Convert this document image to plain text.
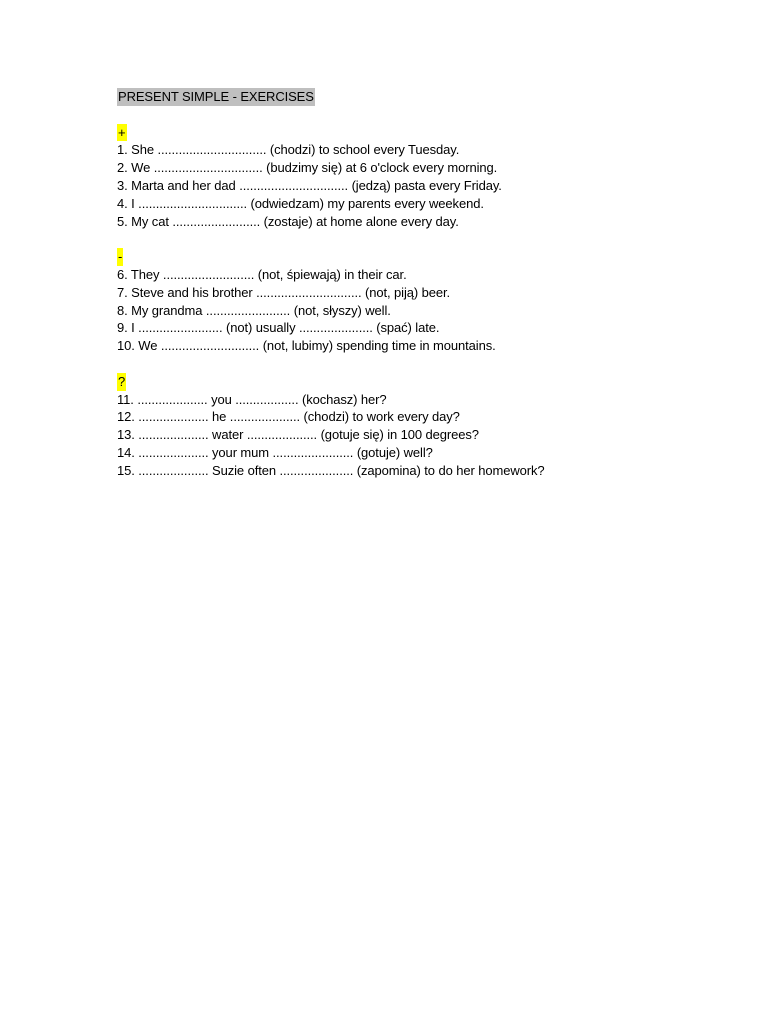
PRESENT SIMPLE - EXERCISES
+
1. She ............................... (chodzi) to school every Tuesday.
2. We ............................... (budzimy się) at 6 o'clock every morning.
3. Marta and her dad ............................... (jedzą) pasta every Friday.
4. I ............................... (odwiedzam) my parents every weekend.
5. My cat ......................... (zostaje) at home alone every day.
-
6. They .......................... (not, śpiewają) in their car.
7. Steve and his brother .............................. (not, piją) beer.
8. My grandma ........................ (not, słyszy) well.
9. I ........................ (not) usually ..................... (spać) late.
10. We ............................ (not, lubimy) spending time in mountains.
?
11. .................... you .................. (kochasz) her?
12. .................... he .................... (chodzi) to work every day?
13. .................... water .................... (gotuje się) in 100 degrees?
14. .................... your mum ....................... (gotuje) well?
15. .................... Suzie often ..................... (zapomina) to do her homework?
